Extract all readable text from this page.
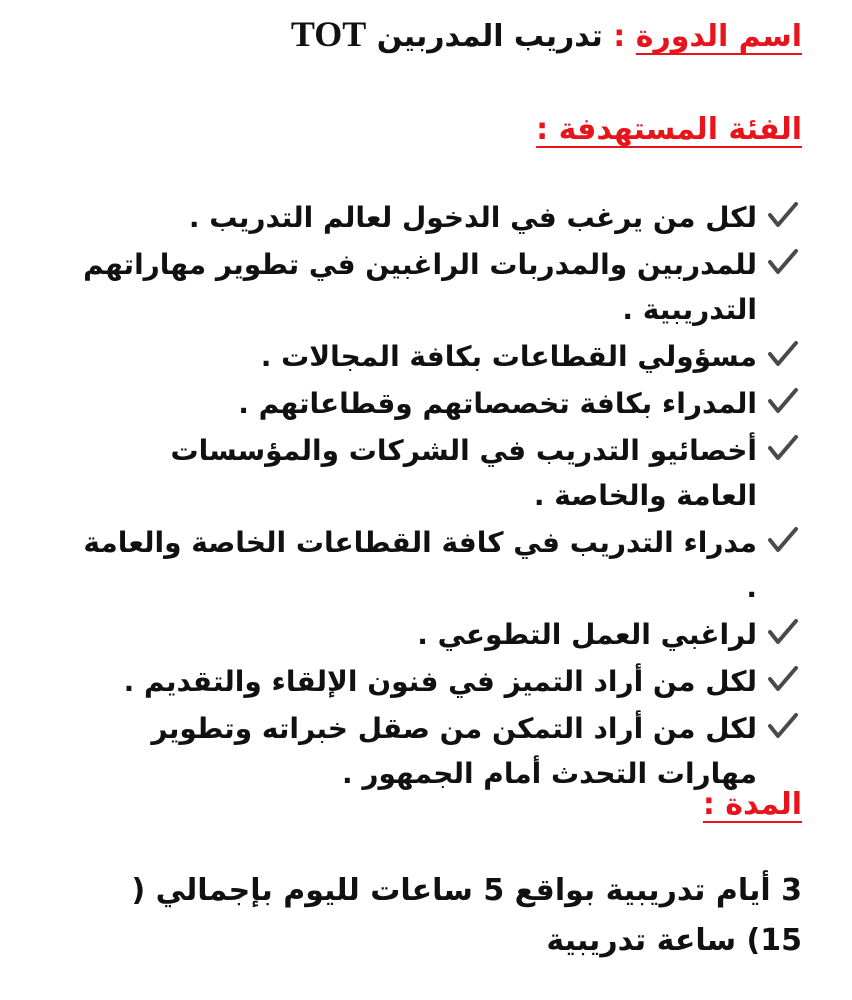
اسم الدورة : تدريب المدربين TOT
الفئة المستهدفة :
لكل من يرغب في الدخول لعالم التدريب .
للمدربين والمدربات الراغبين في تطوير مهاراتهم التدريبية .
مسؤولي القطاعات بكافة المجالات .
المدراء بكافة تخصصاتهم وقطاعاتهم .
أخصائيو التدريب في الشركات والمؤسسات العامة والخاصة .
مدراء التدريب في كافة القطاعات الخاصة والعامة .
لراغبي العمل التطوعي .
لكل من أراد التميز في فنون الإلقاء والتقديم .
لكل من أراد التمكن من صقل خبراته وتطوير مهارات التحدث أمام الجمهور .
المدة :
3 أيام تدريبية بواقع 5 ساعات لليوم بإجمالي ( 15) ساعة تدريبية
